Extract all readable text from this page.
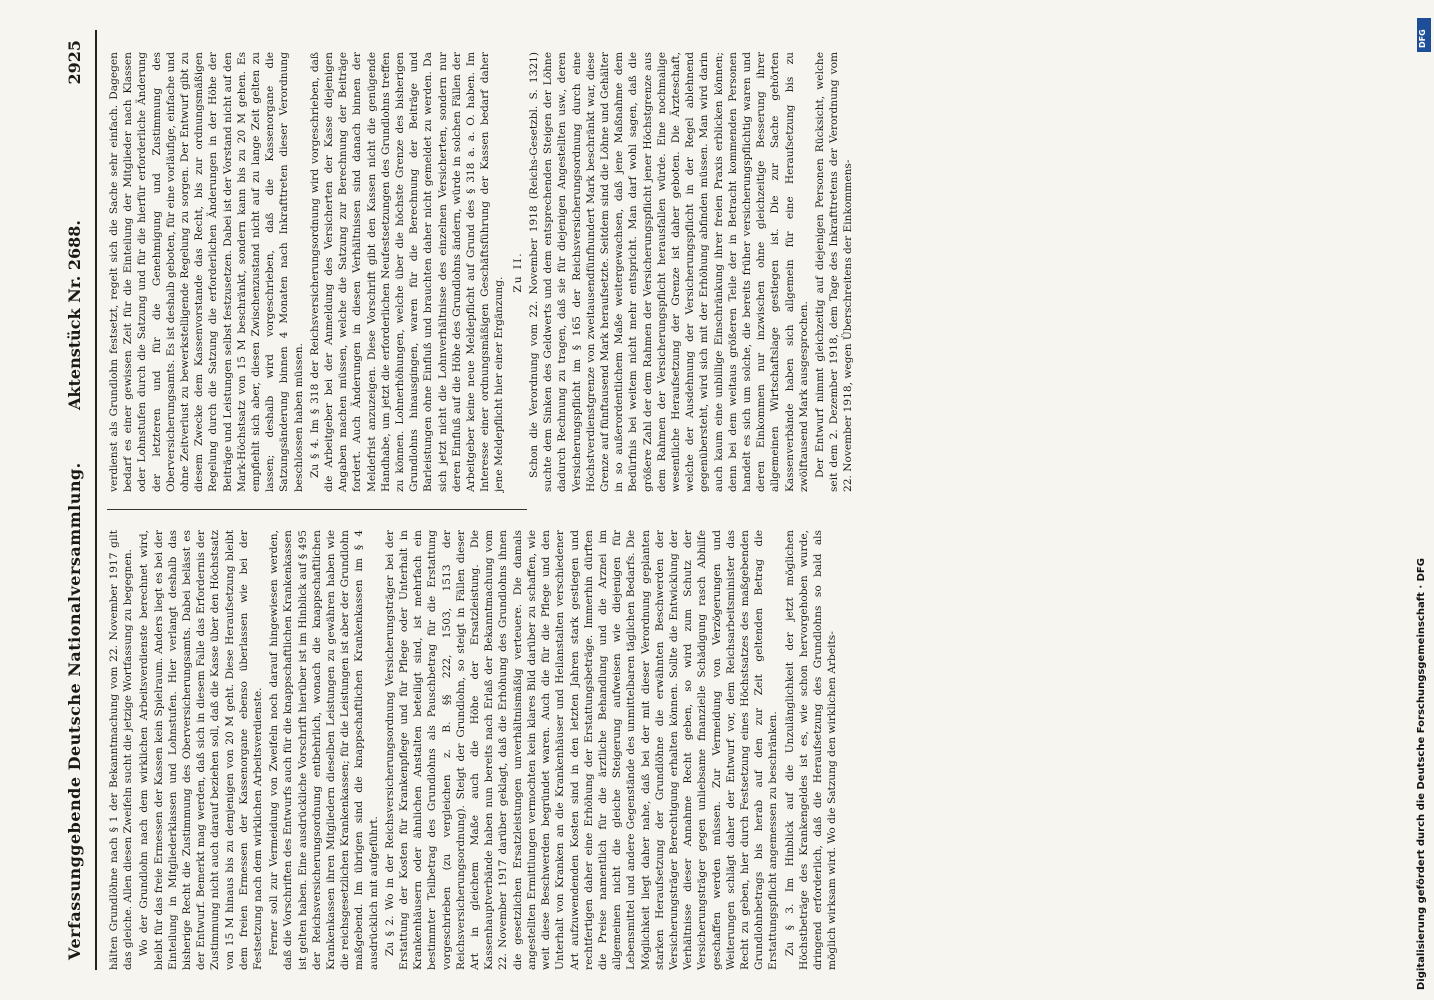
Verfassunggebende Deutsche Nationalversammlung.
Aktenstück Nr. 2688.
2925

hälten Grundlöhne nach § 1 der Bekanntmachung vom 22. November 1917 gilt das gleiche. Allen diesen Zweifeln sucht die jetzige Wortfassung zu begegnen. Wo der Grundlohn nach dem wirklichen Arbeitsverdienste berechnet wird, bleibt für das freie Ermessen der Kassen kein Spielraum. Anders liegt es bei der Einteilung in Mitgliederklassen und Lohnstufen. Hier verlangt deshalb das bisherige Recht die Zustimmung des Oberversicherungsamts. Dabei belässt es der Entwurf. Bemerkt mag werden, daß sich in diesem Falle das Erfordernis der Zustimmung nicht auch darauf beziehen soll, daß die Kasse über den Höchstsatz von 15 M hinaus bis zu demjenigen von 20 M geht. Diese Heraufsetzung bleibt dem freien Ermessen der Kassenorgane ebenso überlassen wie bei der Festsetzung nach dem wirklichen Arbeitsverdienste. Ferner soll zur Vermeidung von Zweifeln noch darauf hingewiesen werden, daß die Vorschriften des Entwurfs auch für die knappschaftlichen Krankenkassen ist gelten haben. Eine ausdrückliche Vorschrift hierüber ist im Hinblick auf § 495 der Reichsversicherungsordnung entbehrlich, wonach die knappschaftlichen Krankenkassen ihren Mitgliedern dieselben Leistungen zu gewähren haben wie die reichsgesetzlichen Krankenkassen; für die Leistungen ist aber der Grundlohn maßgebend. Im übrigen sind die knappschaftlichen Krankenkassen im § 4 ausdrücklich mit aufgeführt. Zu § 2. Wo in der Reichsversicherungsordnung Versicherungsträger bei der Erstattung der Kosten für Krankenpflege und für Pflege oder Unterhalt in Krankenhäusern oder ähnlichen Anstalten beteiligt sind, ist mehrfach ein bestimmter Teilbetrag des Grundlohns als Pauschbetrag für die Erstattung vorgeschrieben (zu vergleichen z. B. §§ 222, 1503, 1513 der Reichsversicherungsordnung). Steigt der Grundlohn, so steigt in Fällen dieser Art in gleichem Maße auch die Höhe der Ersatzleistung. Die Kassenhauptverbände haben nun bereits nach Erlaß der Bekanntmachung vom 22. November 1917 darüber geklagt, daß die Erhöhung des Grundlohns ihnen die gesetzlichen Ersatzleistungen unverhältnismäßig verteuere. Die damals angestellten Ermittlungen vermochten kein klares Bild darüber zu schaffen, wie weit diese Beschwerden begründet waren. Auch die für die Pflege und den Unterhalt von Kranken an die Krankenhäuser und Heilanstalten verschiedener Art aufzuwendenden Kosten sind in den letzten Jahren stark gestiegen und rechtfertigen daher eine Erhöhung der Erstattungsbeträge. Immerhin dürften die Preise namentlich für die ärztliche Behandlung und die Arznei im allgemeinen nicht die gleiche Steigerung aufweisen wie diejenigen für Lebensmittel und andere Gegenstände des unmittelbaren täglichen Bedarfs. Die Möglichkeit liegt daher nahe, daß bei der mit dieser Verordnung geplanten starken Heraufsetzung der Grundlöhne die erwähnten Beschwerden der Versicherungsträger Berechtigung erhalten können. Sollte die Entwicklung der Verhältnisse dieser Annahme Recht geben, so wird zum Schutz der Versicherungsträger gegen unliebsame finanzielle Schädigung rasch Abhilfe geschaffen werden müssen. Zur Vermeidung von Verzögerungen und Weiterungen schlägt daher der Entwurf vor, dem Reichsarbeitsminister das Recht zu geben, hier durch Festsetzung eines Höchstsatzes des maßgebenden Grundlohnbetrags bis herab auf den zur Zeit geltenden Betrag die Erstattungspflicht angemessen zu beschränken. Zu § 3. Im Hinblick auf die Unzulänglichkeit der jetzt möglichen Höchstbeträge des Krankengeldes ist es, wie schon hervorgehoben wurde, dringend erforderlich, daß die Heraufsetzung des Grundlohns so bald als möglich wirksam wird. Wo die Satzung den wirklichen Arbeits-

verdienst als Grundlohn festsetzt, regelt sich die Sache sehr einfach. Dagegen bedarf es einer gewissen Zeit für die Einteilung der Mitglieder nach Klassen oder Lohnstufen durch die Satzung und für die hierfür erforderliche Änderung der letzteren und für die Genehmigung und Zustimmung des Oberversicherungsamts. Es ist deshalb geboten, für eine vorläufige, einfache und ohne Zeitverlust zu bewerkstelligende Regelung zu sorgen. Der Entwurf gibt zu diesem Zwecke dem Kassenvorstande das Recht, bis zur ordnungsmäßigen Regelung durch die Satzung die erforderlichen Änderungen in der Höhe der Beiträge und Leistungen selbst festzusetzen. Dabei ist der Vorstand nicht auf den Mark-Höchstsatz von 15 M beschränkt, sondern kann bis zu 20 M gehen. Es empfiehlt sich aber, diesen Zwischenzustand nicht auf zu lange Zeit gelten zu lassen; deshalb wird vorgeschrieben, daß die Kassenorgane die Satzungsänderung binnen 4 Monaten nach Inkrafttreten dieser Verordnung beschlossen haben müssen. Zu § 4. Im § 318 der Reichsversicherungsordnung wird vorgeschrieben, daß die Arbeitgeber bei der Anmeldung des Versicherten der Kasse diejenigen Angaben machen müssen, welche die Satzung zur Berechnung der Beiträge fordert. Auch Änderungen in diesen Verhältnissen sind danach binnen der Meldefrist anzuzeigen. Diese Vorschrift gibt den Kassen nicht die genügende Handhabe, um jetzt die erforderlichen Neufestsetzungen des Grundlohns treffen zu können. Lohnerhöhungen, welche über die höchste Grenze des bisherigen Grundlohns hinausgingen, waren für die Berechnung der Beiträge und Barleistungen ohne Einfluß und brauchten daher nicht gemeldet zu werden. Da sich jetzt nicht die Lohnverhältnisse des einzelnen Versicherten, sondern nur deren Einfluß auf die Höhe des Grundlohns ändern, würde in solchen Fällen der Arbeitgeber keine neue Meldepflicht auf Grund des § 318 a. a. O. haben. Im Interesse einer ordnungsmäßigen Geschäftsführung der Kassen bedarf daher jene Meldepflicht hier einer Ergänzung.

Zu II. Schon die Verordnung vom 22. November 1918 (Reichs-Gesetzbl. S. 1321) suchte dem Sinken des Geldwerts und dem entsprechenden Steigen der Löhne dadurch Rechnung zu tragen, daß sie für diejenigen Angestellten usw., deren Versicherungspflicht im § 165 der Reichsversicherungsordnung durch eine Höchstverdienstgrenze von zweitausendfünfhundert Mark beschränkt war, diese Grenze auf fünftausend Mark heraufsetzte. Seitdem sind die Löhne und Gehälter in so außerordentlichem Maße weitergewachsen, daß jene Maßnahme dem Bedürfnis bei weitem nicht mehr entspricht. Man darf wohl sagen, daß die größere Zahl der dem Rahmen der Versicherungspflicht jener Höchstgrenze aus dem Rahmen der Versicherungspflicht herausfallen würde. Eine nochmalige wesentliche Heraufsetzung der Grenze ist daher geboten. Die Ärzteschaft, welche der Ausdehnung der Versicherungspflicht in der Regel ablehnend gegenübersteht, wird sich mit der Erhöhung abfinden müssen. Man wird darin auch kaum eine unbillige Einschränkung ihrer freien Praxis erblicken können; denn bei dem weitaus größeren Teile der in Betracht kommenden Personen handelt es sich um solche, die bereits früher versicherungspflichtig waren und deren Einkommen nur inzwischen ohne gleichzeitige Besserung ihrer allgemeinen Wirtschaftslage gestiegen ist. Die zur Sache gehörten Kassenverbände haben sich allgemein für eine Heraufsetzung bis zu zwölftausend Mark ausgesprochen. Der Entwurf nimmt gleichzeitig auf diejenigen Personen Rücksicht, welche seit dem 2. Dezember 1918, dem Tage des Inkrafttretens der Verordnung vom 22. November 1918, wegen Überschreitens der Einkommens-

DFG
Digitalisierung gefördert durch die Deutsche Forschungsgemeinschaft · DFG
